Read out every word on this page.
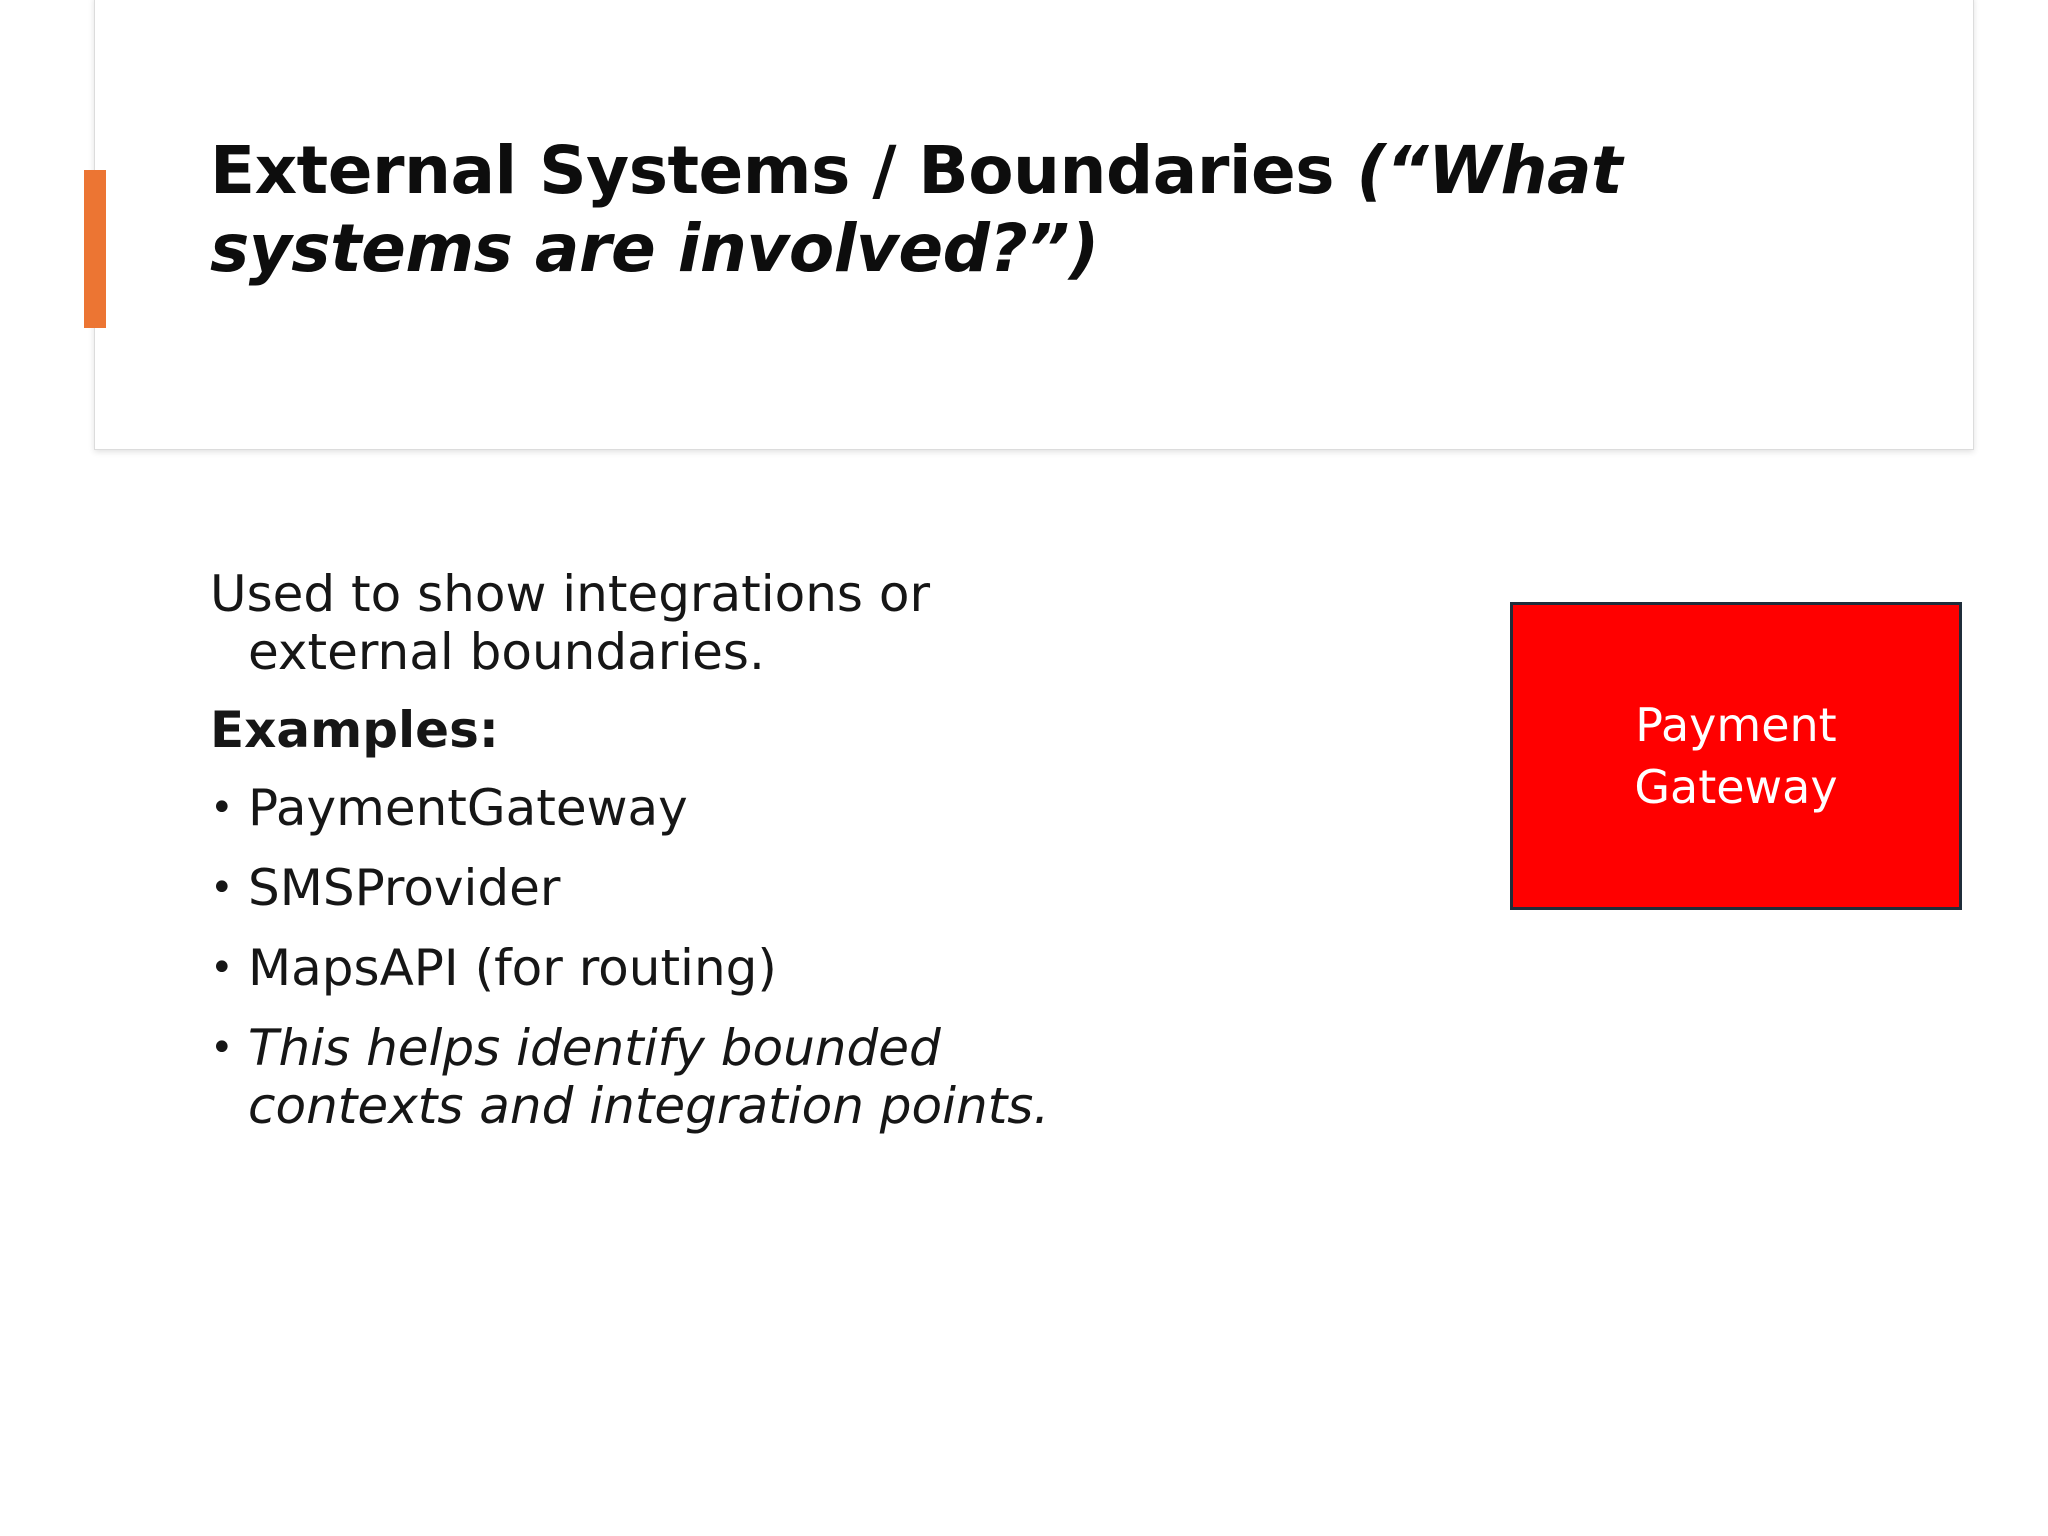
External Systems / Boundaries (“What systems are involved?”)

Used to show integrations or external boundaries.

Examples:

• PaymentGateway
• SMSProvider
• MapsAPI (for routing)
• This helps identify bounded contexts and integration points.
Payment Gateway
